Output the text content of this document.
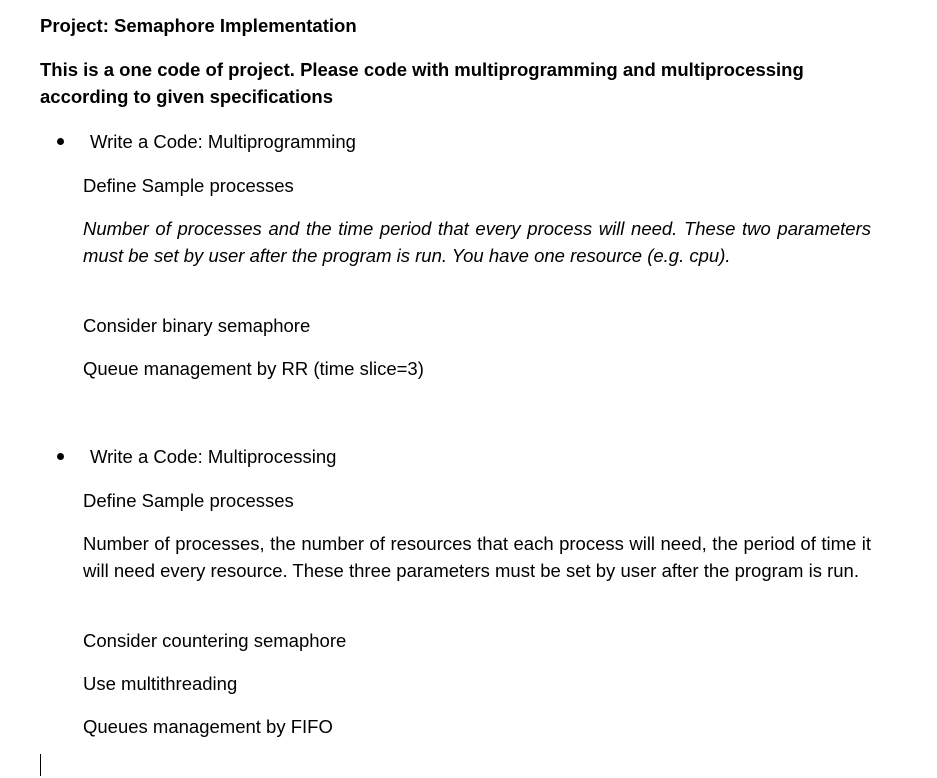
Project: Semaphore Implementation

This is a one code of project. Please code with multiprogramming and multiprocessing

according to given specifications

Write a Code: Multiprogramming

Define Sample processes

Number of processes and the time period that every process will need. These two parameters must be set by user after the program is run. You have one resource (e.g. cpu).

Consider binary semaphore

Queue management by RR (time slice=3)

Write a Code: Multiprocessing

Define Sample processes

Number of processes, the number of resources that each process will need, the period of time it will need every resource. These three parameters must be set by user after the program is run.

Consider countering semaphore

Use multithreading

Queues management by FIFO
